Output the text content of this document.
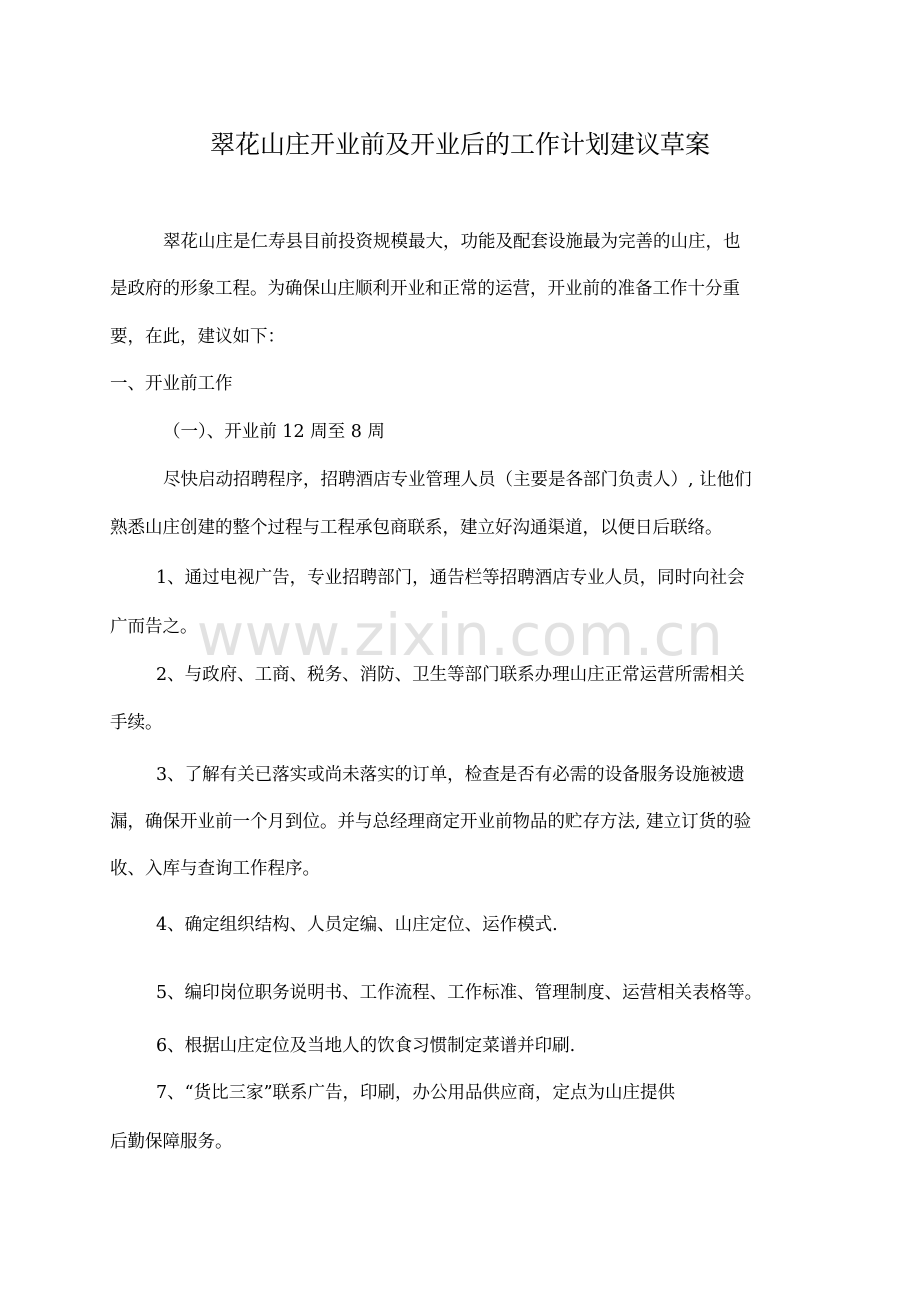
www.zixin.com.cn
翠花山庄开业前及开业后的工作计划建议草案
翠花山庄是仁寿县目前投资规模最大，功能及配套设施最为完善的山庄，也
是政府的形象工程。为确保山庄顺利开业和正常的运营，开业前的准备工作十分重
要，在此，建议如下：
一、开业前工作
（一）、开业前 12 周至 8 周
尽快启动招聘程序，招聘酒店专业管理人员（主要是各部门负责人）, 让他们
熟悉山庄创建的整个过程与工程承包商联系，建立好沟通渠道，以便日后联络。
1、通过电视广告，专业招聘部门，通告栏等招聘酒店专业人员，同时向社会
广而告之。
2、与政府、工商、税务、消防、卫生等部门联系办理山庄正常运营所需相关
手续。
3、了解有关已落实或尚未落实的订单，检查是否有必需的设备服务设施被遗
漏，确保开业前一个月到位。并与总经理商定开业前物品的贮存方法, 建立订货的验
收、入库与查询工作程序。
4、确定组织结构、人员定编、山庄定位、运作模式.
5、编印岗位职务说明书、工作流程、工作标准、管理制度、运营相关表格等。
6、根据山庄定位及当地人的饮食习惯制定菜谱并印刷.
7、“货比三家”联系广告，印刷，办公用品供应商，定点为山庄提供
后勤保障服务。
